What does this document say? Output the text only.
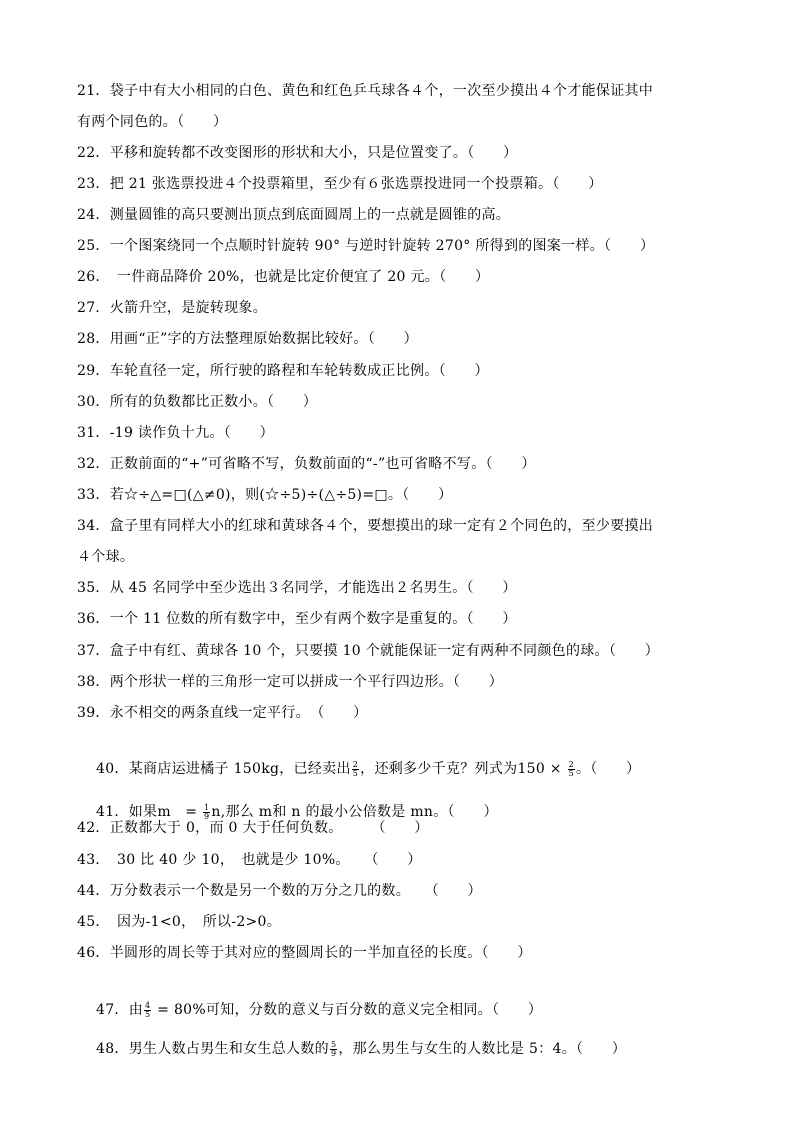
21．袋子中有大小相同的白色、黄色和红色乒乓球各４个，一次至少摸出４个才能保证其中
有两个同色的。（　　）
22．平移和旋转都不改变图形的形状和大小，只是位置变了。（　　）
23．把 21 张选票投进４个投票箱里，至少有６张选票投进同一个投票箱。（　　）
24．测量圆锥的高只要测出顶点到底面圆周上的一点就是圆锥的高。
25．一个图案绕同一个点顺时针旋转 90° 与逆时针旋转 270° 所得到的图案一样。（　　）
26．　一件商品降价 20%，也就是比定价便宜了 20 元。（　　）
27．火箭升空，是旋转现象。
28．用画“正”字的方法整理原始数据比较好。（　　）
29．车轮直径一定，所行驶的路程和车轮转数成正比例。（　　）
30．所有的负数都比正数小。（　　）
31．-19 读作负十九。（　　）
32．正数前面的“+”可省略不写，负数前面的“-”也可省略不写。（　　）
33．若☆÷△=□(△≠0)，则(☆÷5)÷(△÷5)=□。（　　）
34．盒子里有同样大小的红球和黄球各４个，要想摸出的球一定有２个同色的，至少要摸出
４个球。
35．从 45 名同学中至少选出３名同学，才能选出２名男生。（　　）
36．一个 11 位数的所有数字中，至少有两个数字是重复的。（　　）
37．盒子中有红、黄球各 10 个，只要摸 10 个就能保证一定有两种不同颜色的球。（　　）
38．两个形状一样的三角形一定可以拼成一个平行四边形。（　　）
39．永不相交的两条直线一定平行。　（　　）

40．某商店运进橘子 150kg，已经卖出 $\frac{2}{5}$ ，还剩多少千克？列式为$150 \times \frac{2}{5}$ 。（　　）

41．如果m　= $\frac{1}{9} n$,那么 m和 n 的最小公倍数是 mn。（　　）

42．正数都大于 0，而 0 大于任何负数。　　　（　　）
43．　30 比 40 少 10，　也就是少 10%。　　（　　）
44．万分数表示一个数是另一个数的万分之几的数。　　（　　）
45．　因为-1<0，　所以-2>0。
46．半圆形的周长等于其对应的整圆周长的一半加直径的长度。（　　）

47．由 $\frac{4}{5} = 80\%$可知，分数的意义与百分数的意义完全相同。（　　）

48．男生人数占男生和女生总人数的 $\frac{5}{9}$ ，那么男生与女生的人数比是 5：4。（　　）
